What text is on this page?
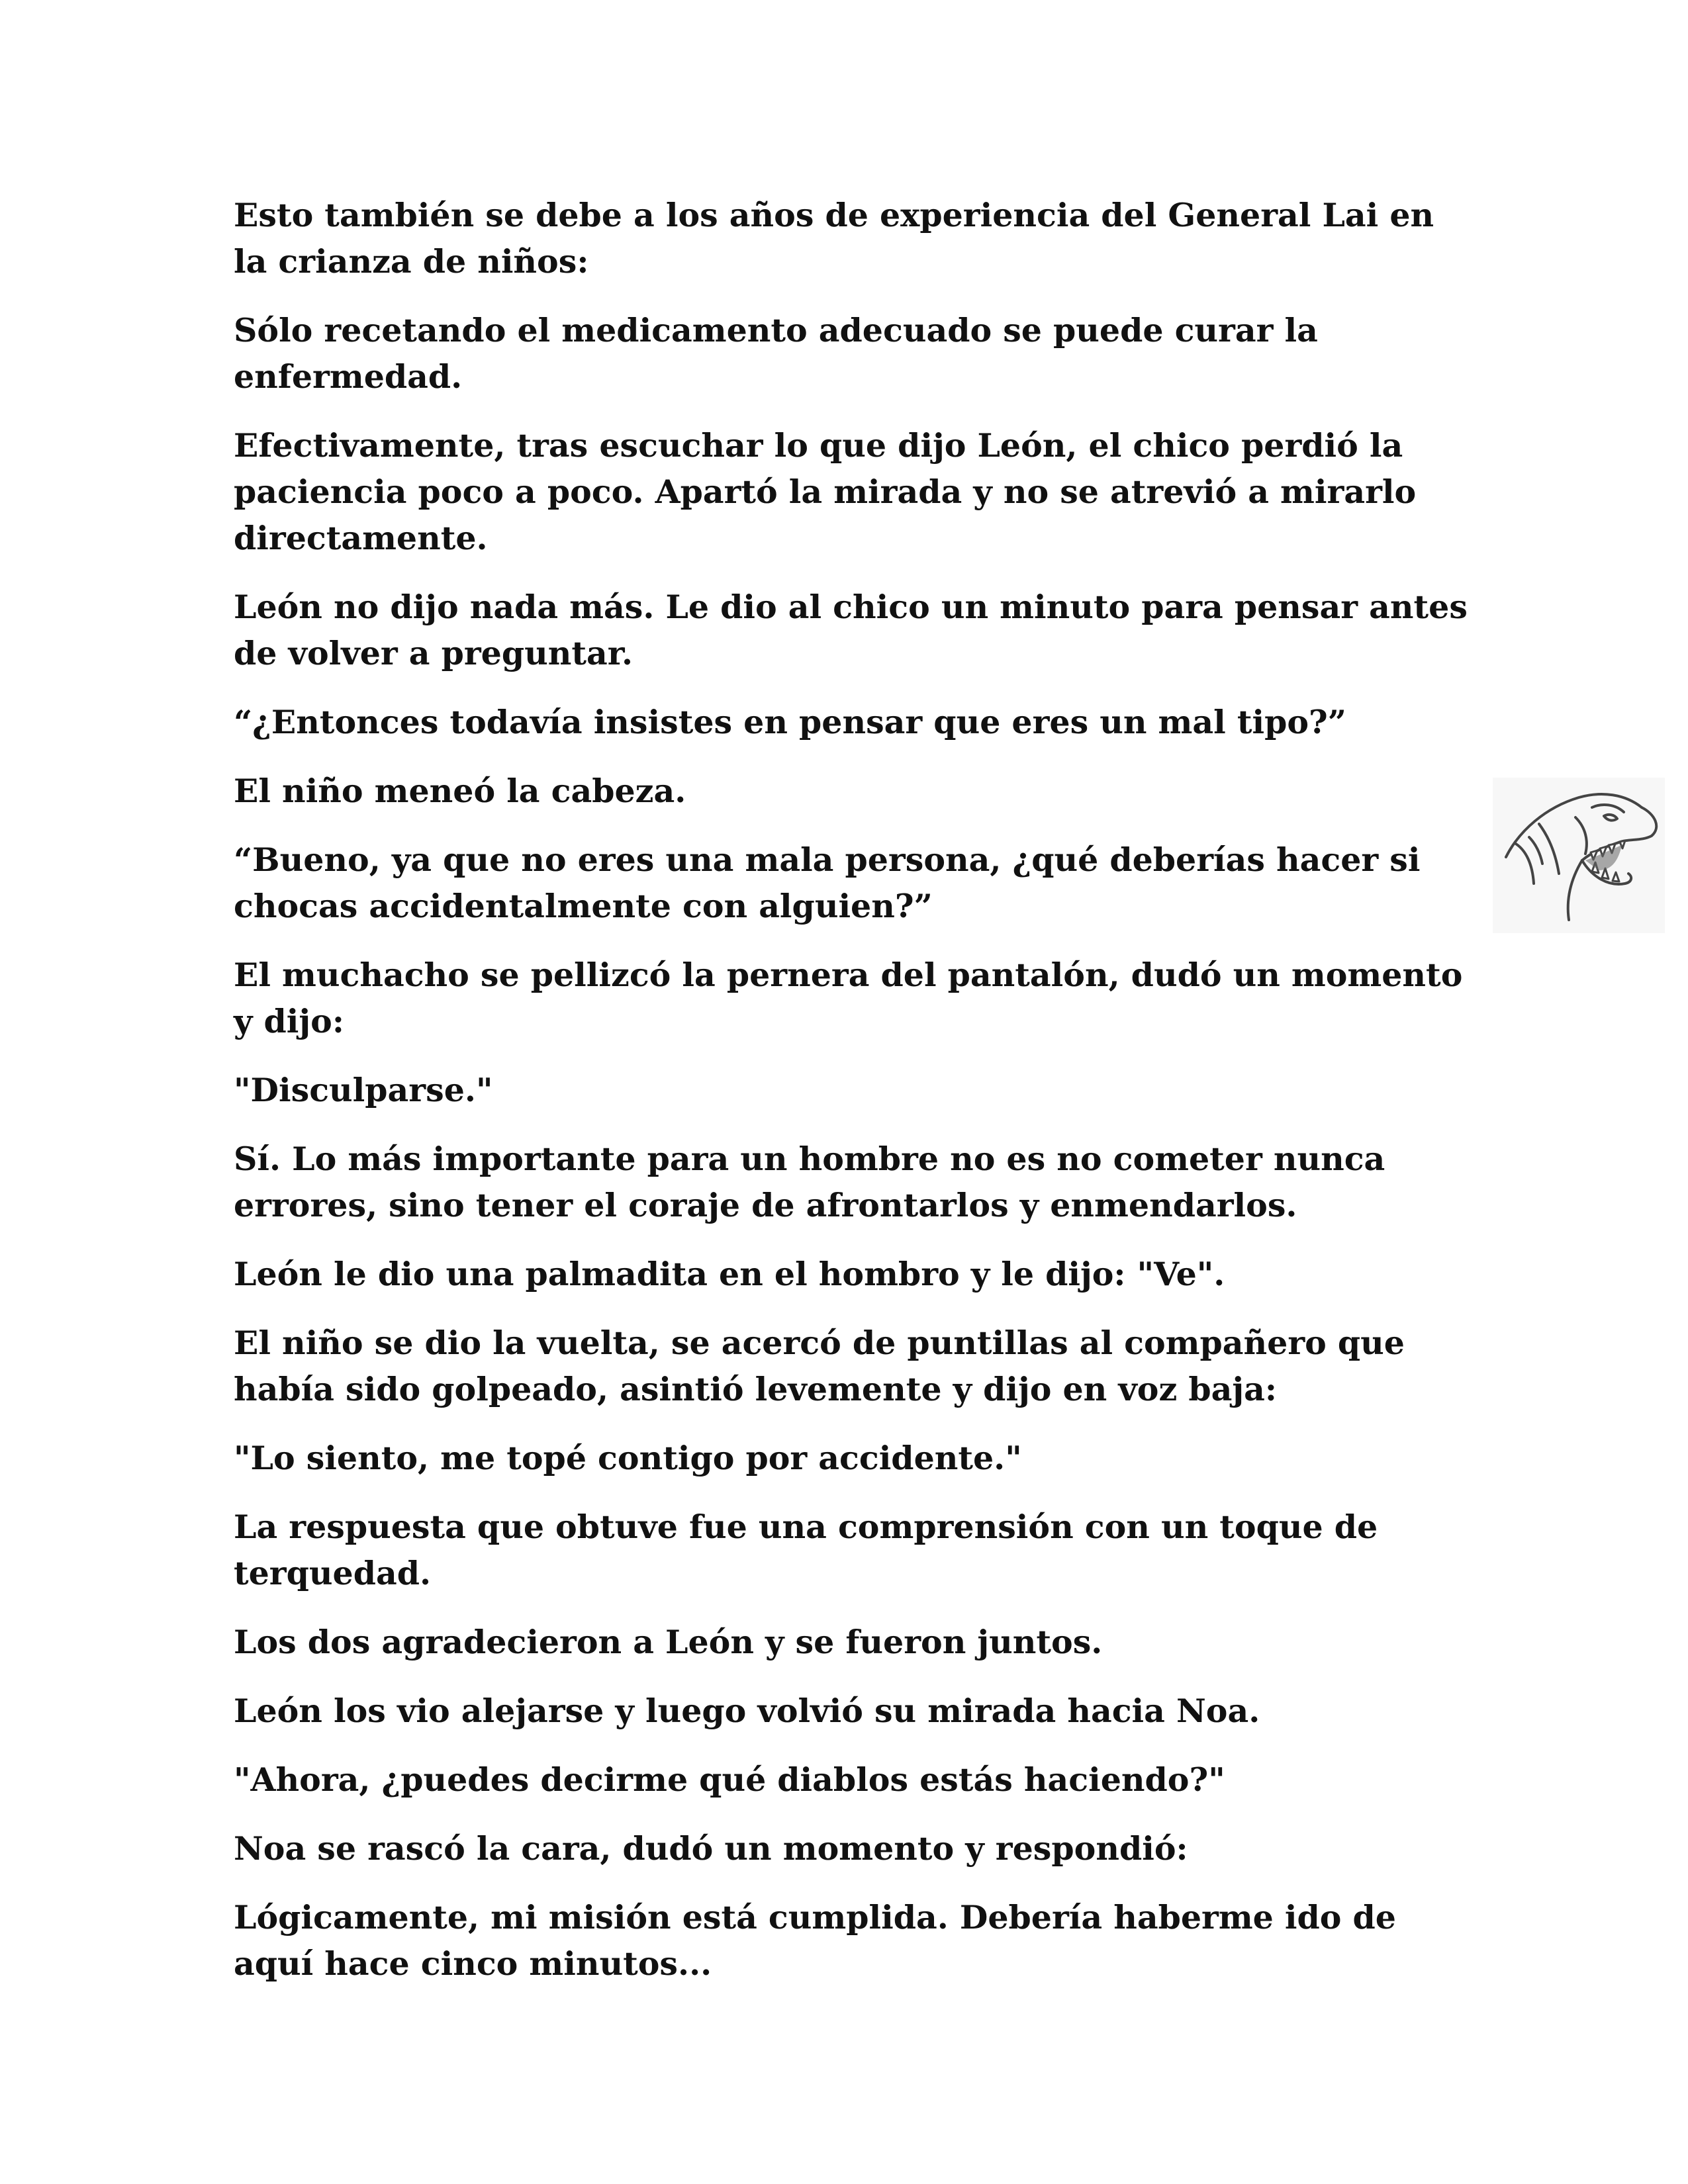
Esto también se debe a los años de experiencia del General Lai en la crianza de niños:

Sólo recetando el medicamento adecuado se puede curar la enfermedad.

Efectivamente, tras escuchar lo que dijo León, el chico perdió la paciencia poco a poco. Apartó la mirada y no se atrevió a mirarlo directamente.

León no dijo nada más. Le dio al chico un minuto para pensar antes de volver a preguntar.

“¿Entonces todavía insistes en pensar que eres un mal tipo?”

El niño meneó la cabeza.

“Bueno, ya que no eres una mala persona, ¿qué deberías hacer si chocas accidentalmente con alguien?”

El muchacho se pellizcó la pernera del pantalón, dudó un momento y dijo:

"Disculparse."

Sí. Lo más importante para un hombre no es no cometer nunca errores, sino tener el coraje de afrontarlos y enmendarlos.

León le dio una palmadita en el hombro y le dijo: "Ve".

El niño se dio la vuelta, se acercó de puntillas al compañero que había sido golpeado, asintió levemente y dijo en voz baja:

"Lo siento, me topé contigo por accidente."

La respuesta que obtuve fue una comprensión con un toque de terquedad.

Los dos agradecieron a León y se fueron juntos.

León los vio alejarse y luego volvió su mirada hacia Noa.

"Ahora, ¿puedes decirme qué diablos estás haciendo?"

Noa se rascó la cara, dudó un momento y respondió:

Lógicamente, mi misión está cumplida. Debería haberme ido de aquí hace cinco minutos...
